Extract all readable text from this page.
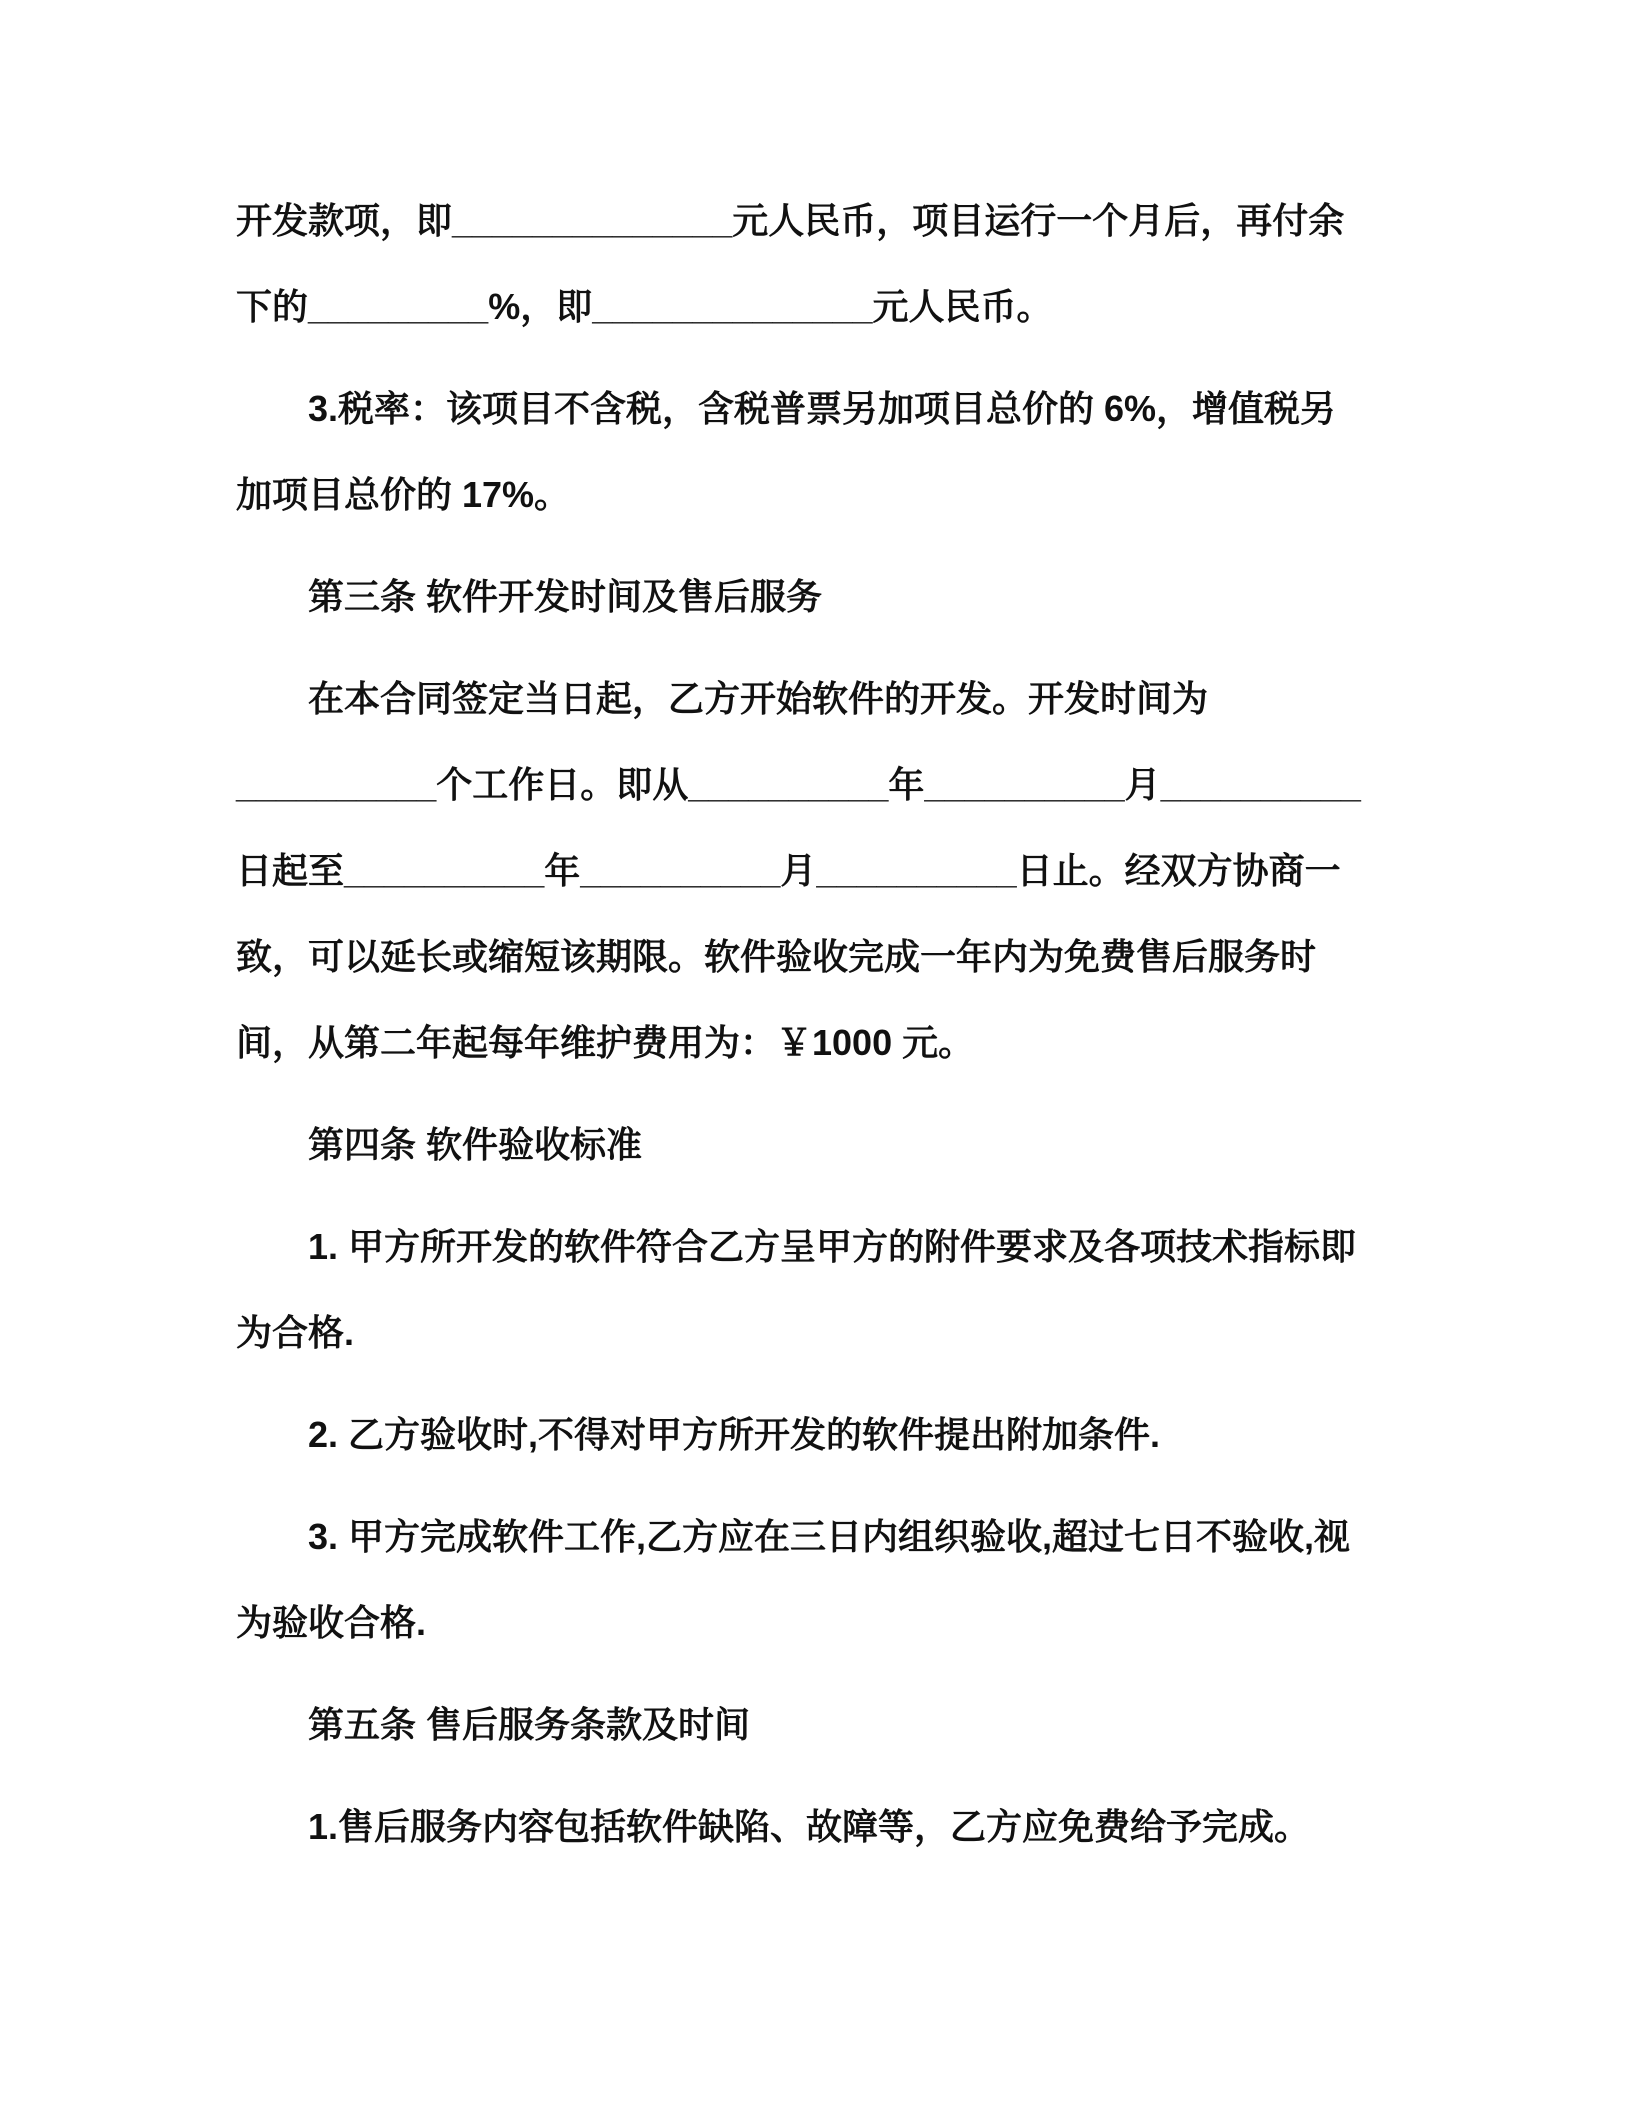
开发款项，即______________元人民币，项目运行一个月后，再付余下的_________%，即______________元人民币。

3.税率：该项目不含税，含税普票另加项目总价的 6%，增值税另加项目总价的 17%。

第三条 软件开发时间及售后服务

在本合同签定当日起，乙方开始软件的开发。开发时间为__________个工作日。即从__________年__________月__________日起至__________年__________月__________日止。经双方协商一致，可以延长或缩短该期限。软件验收完成一年内为免费售后服务时间，从第二年起每年维护费用为：￥1000 元。

第四条 软件验收标准

1. 甲方所开发的软件符合乙方呈甲方的附件要求及各项技术指标即为合格.

2. 乙方验收时,不得对甲方所开发的软件提出附加条件.

3. 甲方完成软件工作,乙方应在三日内组织验收,超过七日不验收,视为验收合格.

第五条 售后服务条款及时间

1.售后服务内容包括软件缺陷、故障等，乙方应免费给予完成。
